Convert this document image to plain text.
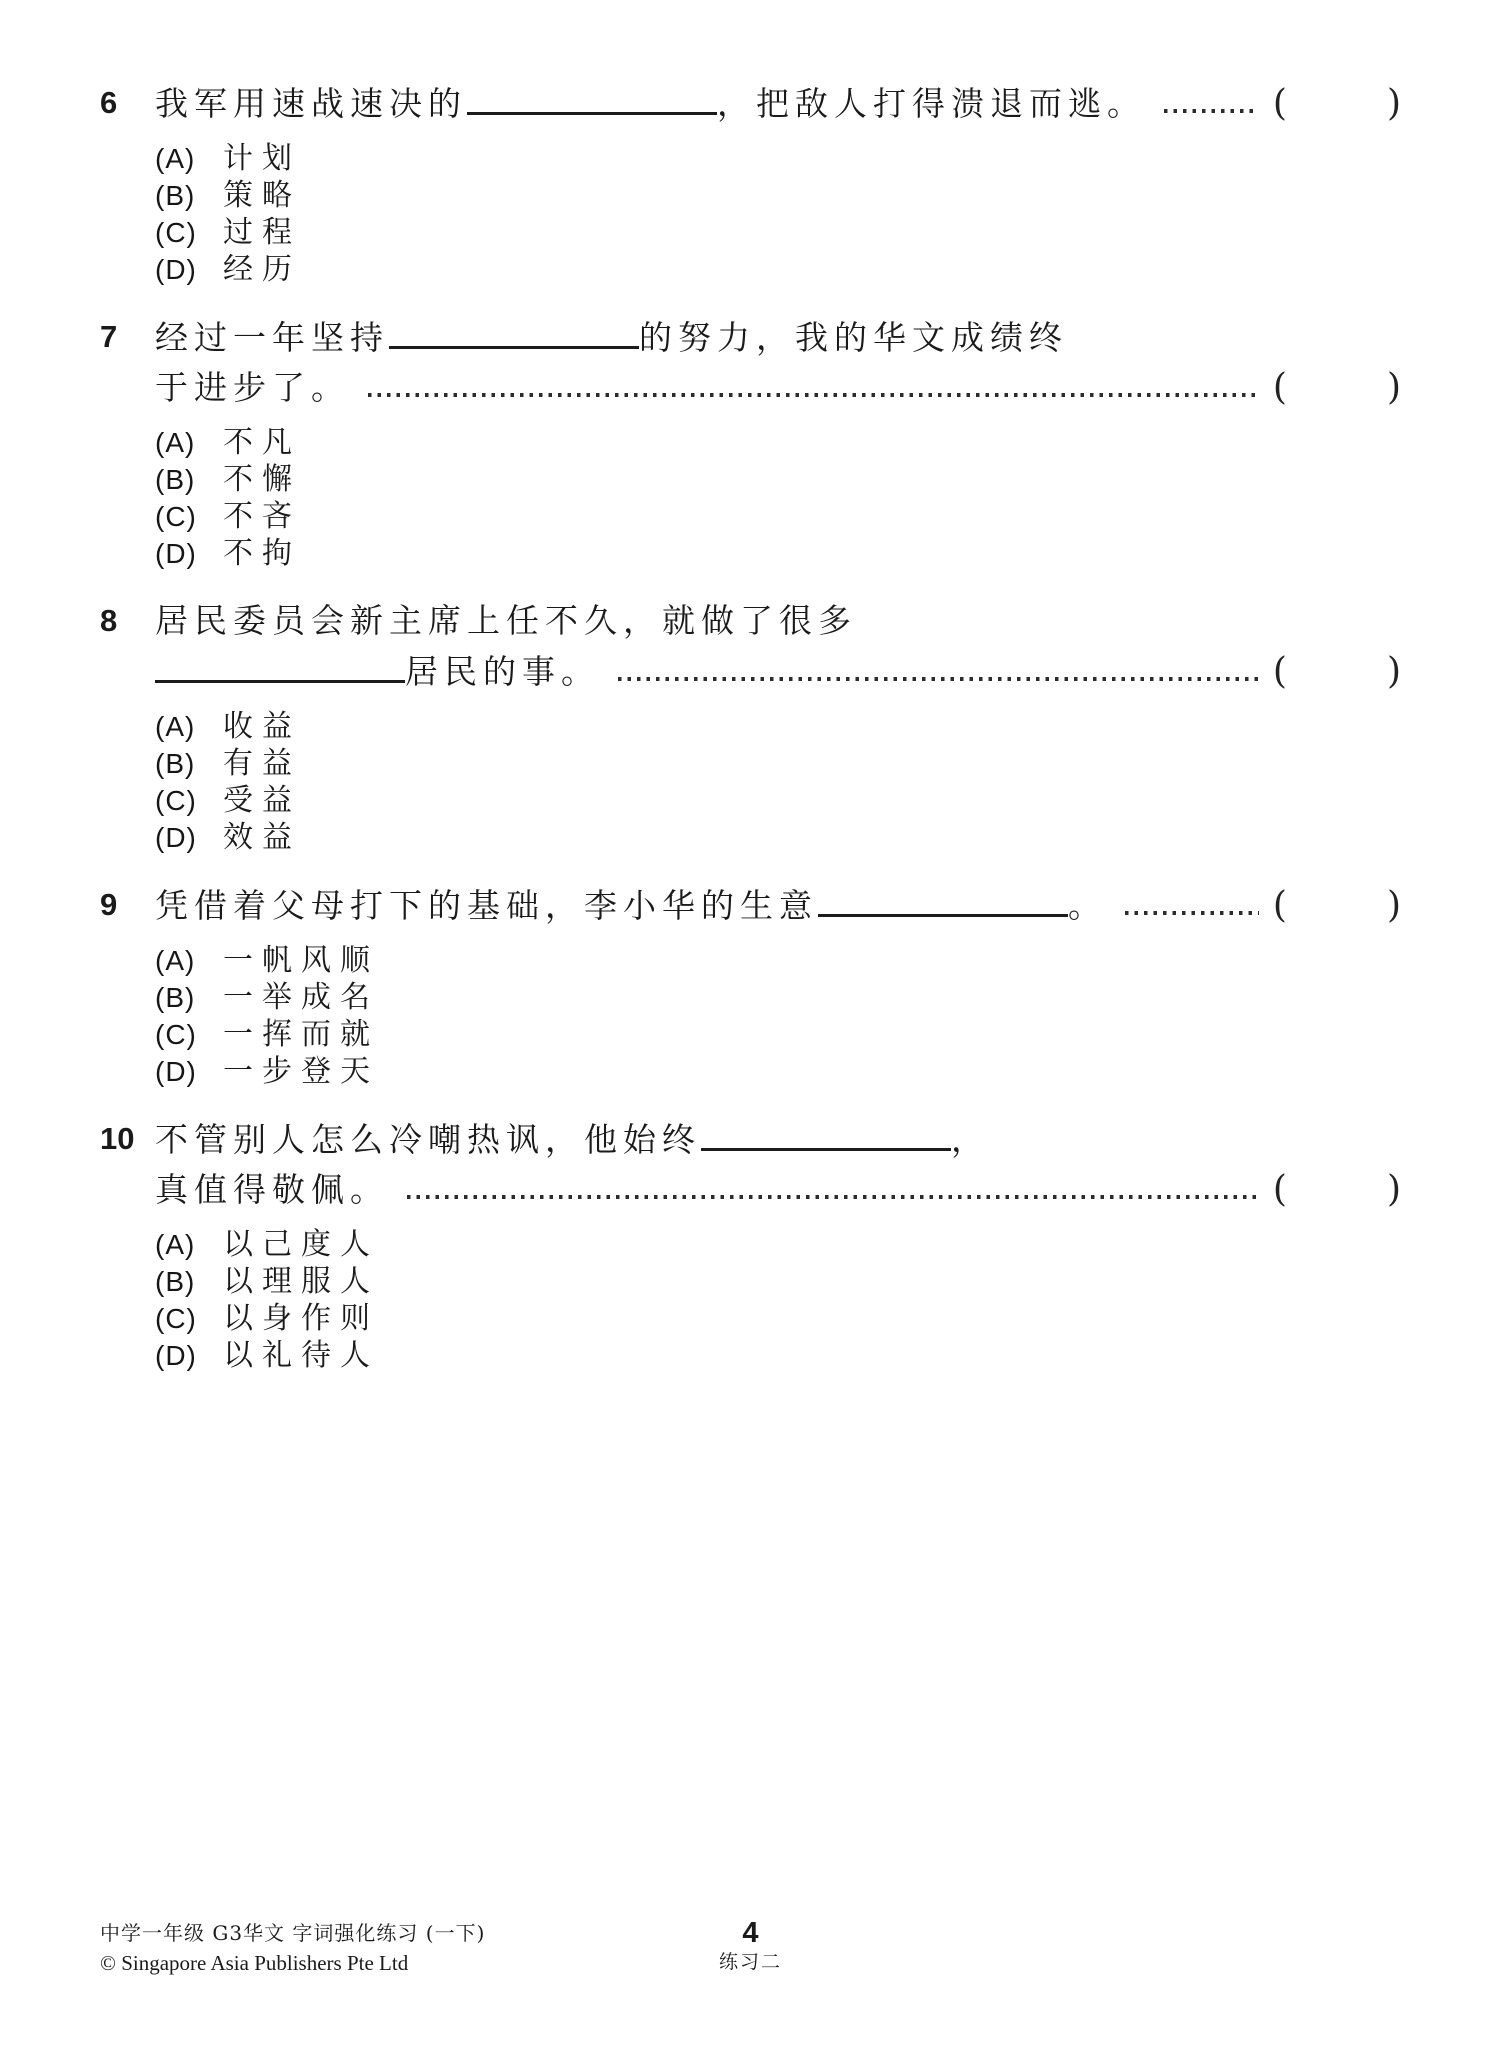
6	我军用速战速决的	，把敌人打得溃退而逃。	(	)
(A) 计划
(B) 策略
(C) 过程
(D) 经历
7	经过一年坚持	的努力，我的华文成绩终
于进步了。	(	)
(A) 不凡
(B) 不懈
(C) 不吝
(D) 不拘
8	居民委员会新主席上任不久，就做了很多
居民的事。	(	)
(A) 收益
(B) 有益
(C) 受益
(D) 效益
9	凭借着父母打下的基础，李小华的生意	。	(	)
(A) 一帆风顺
(B) 一举成名
(C) 一挥而就
(D) 一步登天
10 不管别人怎么冷嘲热讽，他始终	，
真值得敬佩。	(	)
(A) 以己度人
(B) 以理服人
(C) 以身作则
(D) 以礼待人
中学一年级 G3华文 字词强化练习 (一下)
© Singapore Asia Publishers Pte Ltd
4
练习二
